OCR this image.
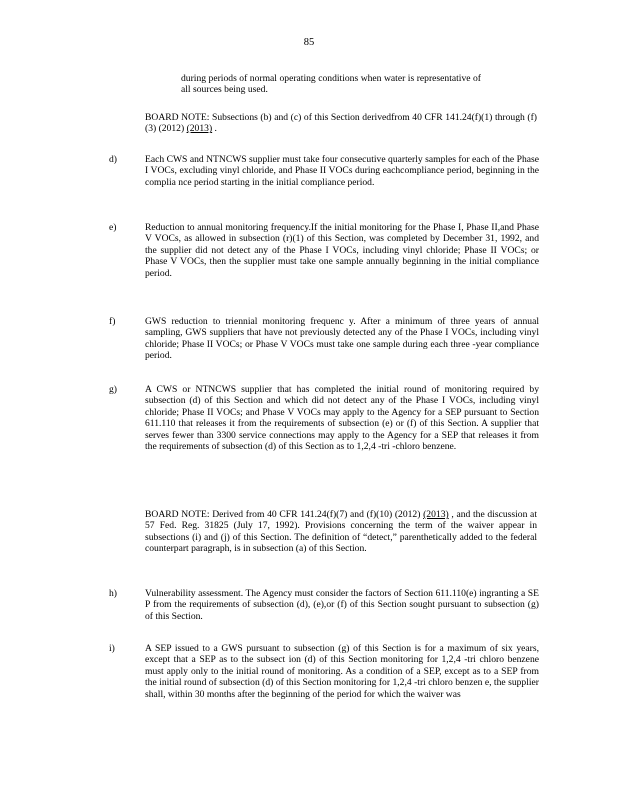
85
during periods of normal operating conditions when water is representative of all sources being used.
BOARD NOTE: Subsections (b) and (c) of this Section derivedfrom 40 CFR 141.24(f)(1) through (f)(3) (2012) (2013) .
d)	Each CWS and NTNCWS supplier must take four consecutive quarterly samples for each of the Phase I VOCs, excluding vinyl chloride, and Phase II VOCs during eachcompliance period, beginning in the complia nce period starting in the initial compliance period.
e)	Reduction to annual monitoring frequency.If the initial monitoring for the Phase I, Phase II,and Phase V VOCs, as allowed in subsection (r)(1) of this Section, was completed by December 31, 1992, and the supplier did not detect any of the Phase I VOCs, including vinyl chloride; Phase II VOCs; or Phase V VOCs, then the supplier must take one sample annually beginning in the initial compliance period.
f)	GWS reduction to triennial monitoring frequenc y. After a minimum of three years of annual sampling, GWS suppliers that have not previously detected any of the Phase I VOCs, including vinyl chloride; Phase II VOCs; or Phase V VOCs must take one sample during each three -year compliance period.
g)	A CWS or NTNCWS supplier that has completed the initial round of monitoring required by subsection (d) of this Section and which did not detect any of the Phase I VOCs, including vinyl chloride; Phase II VOCs; and Phase V VOCs may apply to the Agency for a SEP pursuant to Section 611.110 that releases it from the requirements of subsection (e) or (f) of this Section. A supplier that serves fewer than 3300 service connections may apply to the Agency for a SEP that releases it from the requirements of subsection (d) of this Section as to 1,2,4 -tri -chloro benzene.
BOARD NOTE: Derived from 40 CFR 141.24(f)(7) and (f)(10) (2012) (2013) , and the discussion at 57 Fed. Reg. 31825 (July 17, 1992). Provisions concerning the term of the waiver appear in subsections (i) and (j) of this Section. The definition of “detect,” parenthetically added to the federal counterpart paragraph, is in subsection (a) of this Section.
h)	Vulnerability assessment. The Agency must consider the factors of Section 611.110(e) ingranting a SE P from the requirements of subsection (d), (e),or (f) of this Section sought pursuant to subsection (g) of this Section.
i)	A SEP issued to a GWS pursuant to subsection (g) of this Section is for a maximum of six years, except that a SEP as to the subsect ion (d) of this Section monitoring for 1,2,4 -tri chloro benzene must apply only to the initial round of monitoring. As a condition of a SEP, except as to a SEP from the initial round of subsection (d) of this Section monitoring for 1,2,4 -tri chloro benzen e, the supplier shall, within 30 months after the beginning of the period for which the waiver was
